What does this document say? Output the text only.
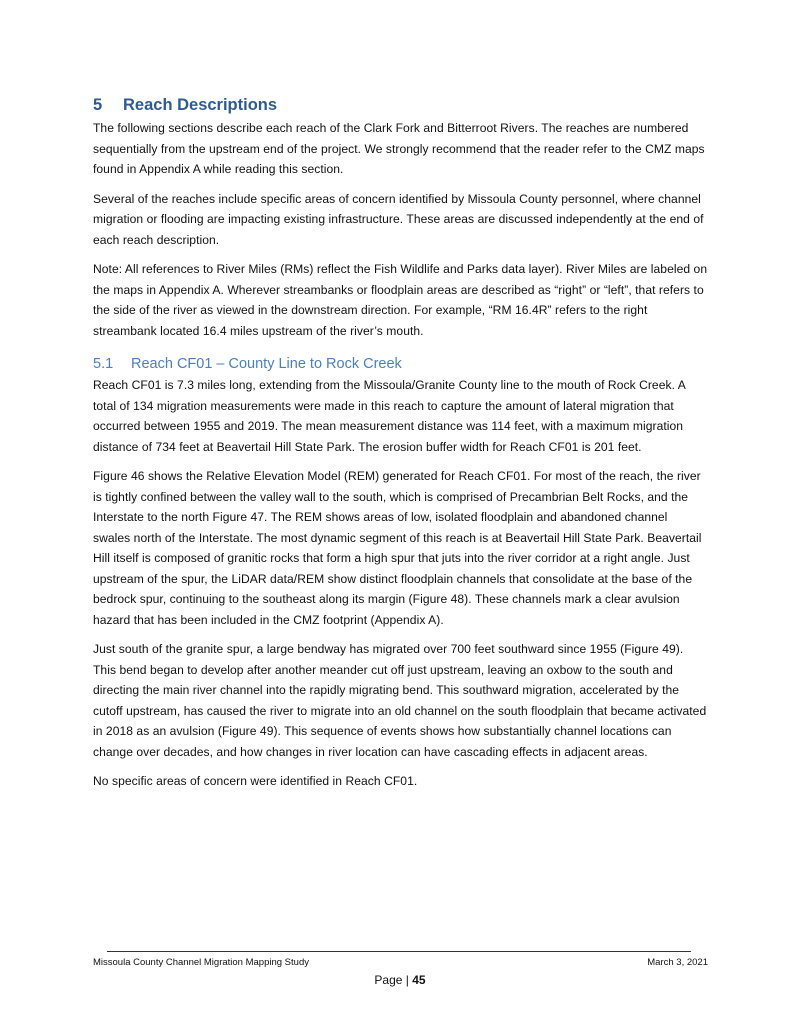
5 Reach Descriptions

The following sections describe each reach of the Clark Fork and Bitterroot Rivers. The reaches are numbered sequentially from the upstream end of the project. We strongly recommend that the reader refer to the CMZ maps found in Appendix A while reading this section.

Several of the reaches include specific areas of concern identified by Missoula County personnel, where channel migration or flooding are impacting existing infrastructure. These areas are discussed independently at the end of each reach description.

Note: All references to River Miles (RMs) reflect the Fish Wildlife and Parks data layer). River Miles are labeled on the maps in Appendix A. Wherever streambanks or floodplain areas are described as “right” or “left”, that refers to the side of the river as viewed in the downstream direction. For example, “RM 16.4R” refers to the right streambank located 16.4 miles upstream of the river’s mouth.

5.1 Reach CF01 – County Line to Rock Creek

Reach CF01 is 7.3 miles long, extending from the Missoula/Granite County line to the mouth of Rock Creek. A total of 134 migration measurements were made in this reach to capture the amount of lateral migration that occurred between 1955 and 2019. The mean measurement distance was 114 feet, with a maximum migration distance of 734 feet at Beavertail Hill State Park. The erosion buffer width for Reach CF01 is 201 feet.

Figure 46 shows the Relative Elevation Model (REM) generated for Reach CF01. For most of the reach, the river is tightly confined between the valley wall to the south, which is comprised of Precambrian Belt Rocks, and the Interstate to the north Figure 47. The REM shows areas of low, isolated floodplain and abandoned channel swales north of the Interstate. The most dynamic segment of this reach is at Beavertail Hill State Park. Beavertail Hill itself is composed of granitic rocks that form a high spur that juts into the river corridor at a right angle. Just upstream of the spur, the LiDAR data/REM show distinct floodplain channels that consolidate at the base of the bedrock spur, continuing to the southeast along its margin (Figure 48). These channels mark a clear avulsion hazard that has been included in the CMZ footprint (Appendix A).

Just south of the granite spur, a large bendway has migrated over 700 feet southward since 1955 (Figure 49). This bend began to develop after another meander cut off just upstream, leaving an oxbow to the south and directing the main river channel into the rapidly migrating bend. This southward migration, accelerated by the cutoff upstream, has caused the river to migrate into an old channel on the south floodplain that became activated in 2018 as an avulsion (Figure 49). This sequence of events shows how substantially channel locations can change over decades, and how changes in river location can have cascading effects in adjacent areas.

No specific areas of concern were identified in Reach CF01.

Missoula County Channel Migration Mapping Study	March 3, 2021
Page | 45
